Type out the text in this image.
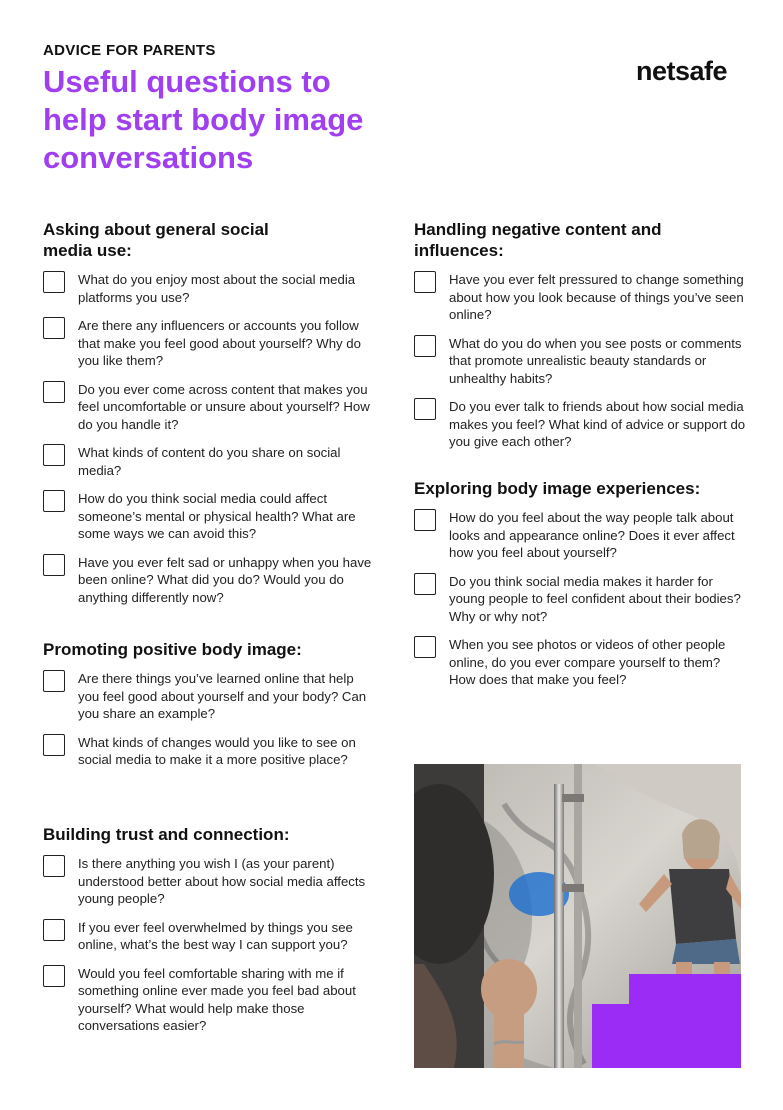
ADVICE FOR PARENTS
Useful questions to
help start body image
conversations
netsafe
Asking about general social
media use:
What do you enjoy most about the social media platforms you use?
Are there any influencers or accounts you follow that make you feel good about yourself? Why do you like them?
Do you ever come across content that makes you feel uncomfortable or unsure about yourself? How do you handle it?
What kinds of content do you share on social media?
How do you think social media could affect someone’s mental or physical health? What are some ways we can avoid this?
Have you ever felt sad or unhappy when you have been online? What did you do? Would you do anything differently now?
Promoting positive body image:
Are there things you’ve learned online that help you feel good about yourself and your body? Can you share an example?
What kinds of changes would you like to see on social media to make it a more positive place?
Building trust and connection:
Is there anything you wish I (as your parent) understood better about how social media affects young people?
If you ever feel overwhelmed by things you see online, what’s the best way I can support you?
Would you feel comfortable sharing with me if something online ever made you feel bad about yourself? What would help make those conversations easier?
Handling negative content and
influences:
Have you ever felt pressured to change something about how you look because of things you’ve seen online?
What do you do when you see posts or comments that promote unrealistic beauty standards or unhealthy habits?
Do you ever talk to friends about how social media makes you feel? What kind of advice or support do you give each other?
Exploring body image experiences:
How do you feel about the way people talk about looks and appearance online? Does it ever affect how you feel about yourself?
Do you think social media makes it harder for young people to feel confident about their bodies? Why or why not?
When you see photos or videos of other people online, do you ever compare yourself to them? How does that make you feel?
